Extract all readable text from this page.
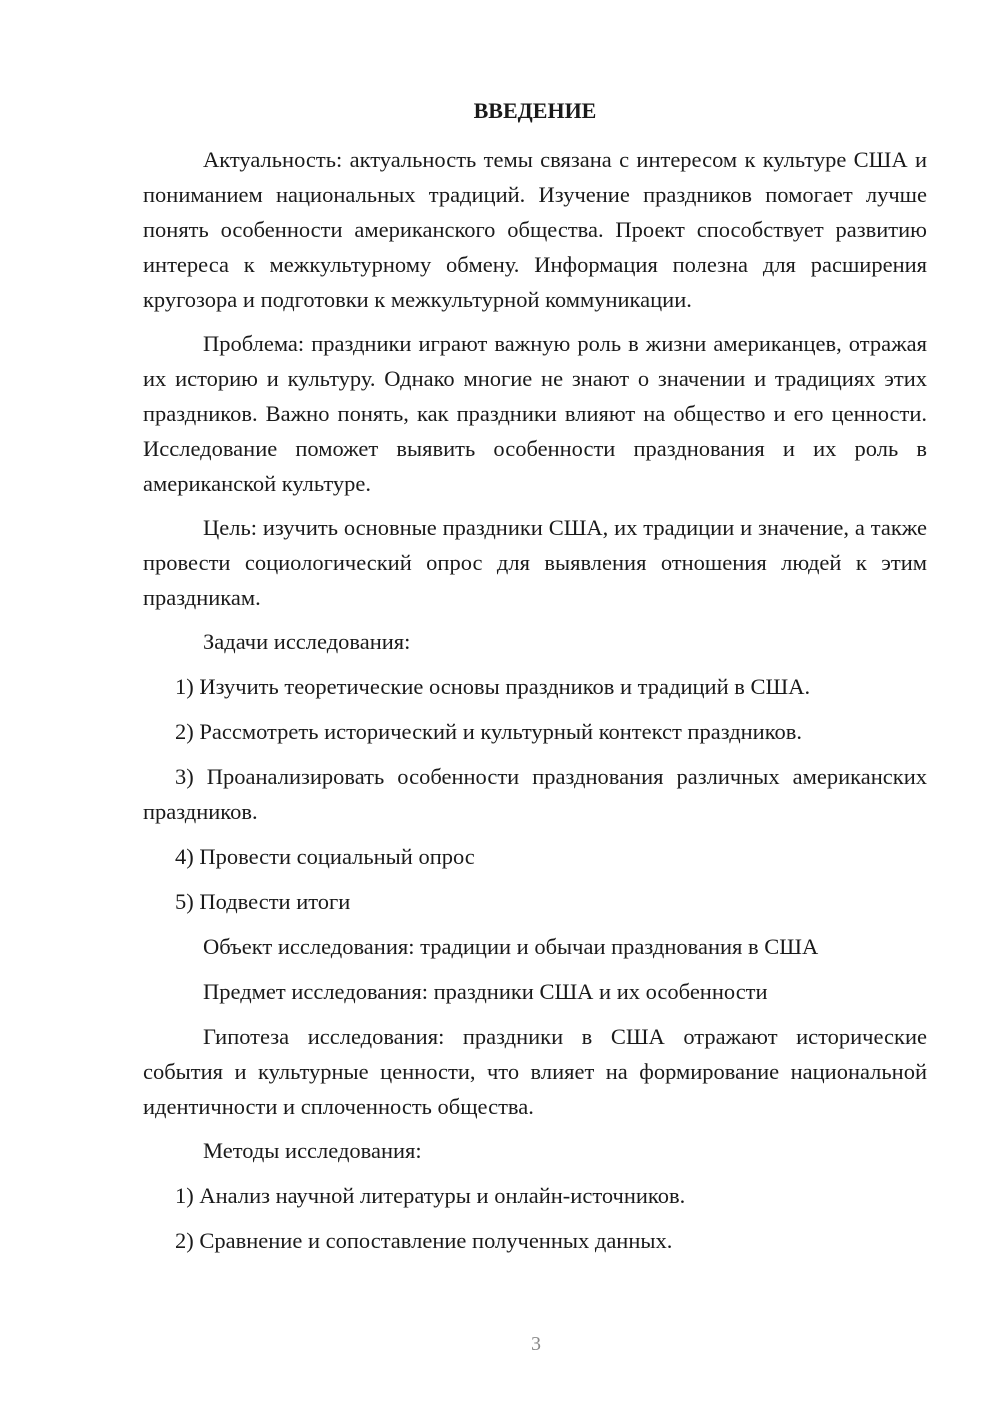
ВВЕДЕНИЕ

Актуальность: актуальность темы связана с интересом к культуре США и пониманием национальных традиций. Изучение праздников помогает лучше понять особенности американского общества. Проект способствует развитию интереса к межкультурному обмену. Информация полезна для расширения кругозора и подготовки к межкультурной коммуникации.

Проблема: праздники играют важную роль в жизни американцев, отражая их историю и культуру. Однако многие не знают о значении и традициях этих праздников. Важно понять, как праздники влияют на общество и его ценности. Исследование поможет выявить особенности празднования и их роль в американской культуре.

Цель: изучить основные праздники США, их традиции и значение, а также провести социологический опрос для выявления отношения людей к этим праздникам.

Задачи исследования:
1) Изучить теоретические основы праздников и традиций в США.
2) Рассмотреть исторический и культурный контекст праздников.
3) Проанализировать особенности празднования различных американских праздников.
4) Провести социальный опрос
5) Подвести итоги
Объект исследования: традиции и обычаи празднования в США
Предмет исследования: праздники США и их особенности

Гипотеза исследования: праздники в США отражают исторические события и культурные ценности, что влияет на формирование национальной идентичности и сплоченность общества.

Методы исследования:
1) Анализ научной литературы и онлайн-источников.
2) Сравнение и сопоставление полученных данных.
3
